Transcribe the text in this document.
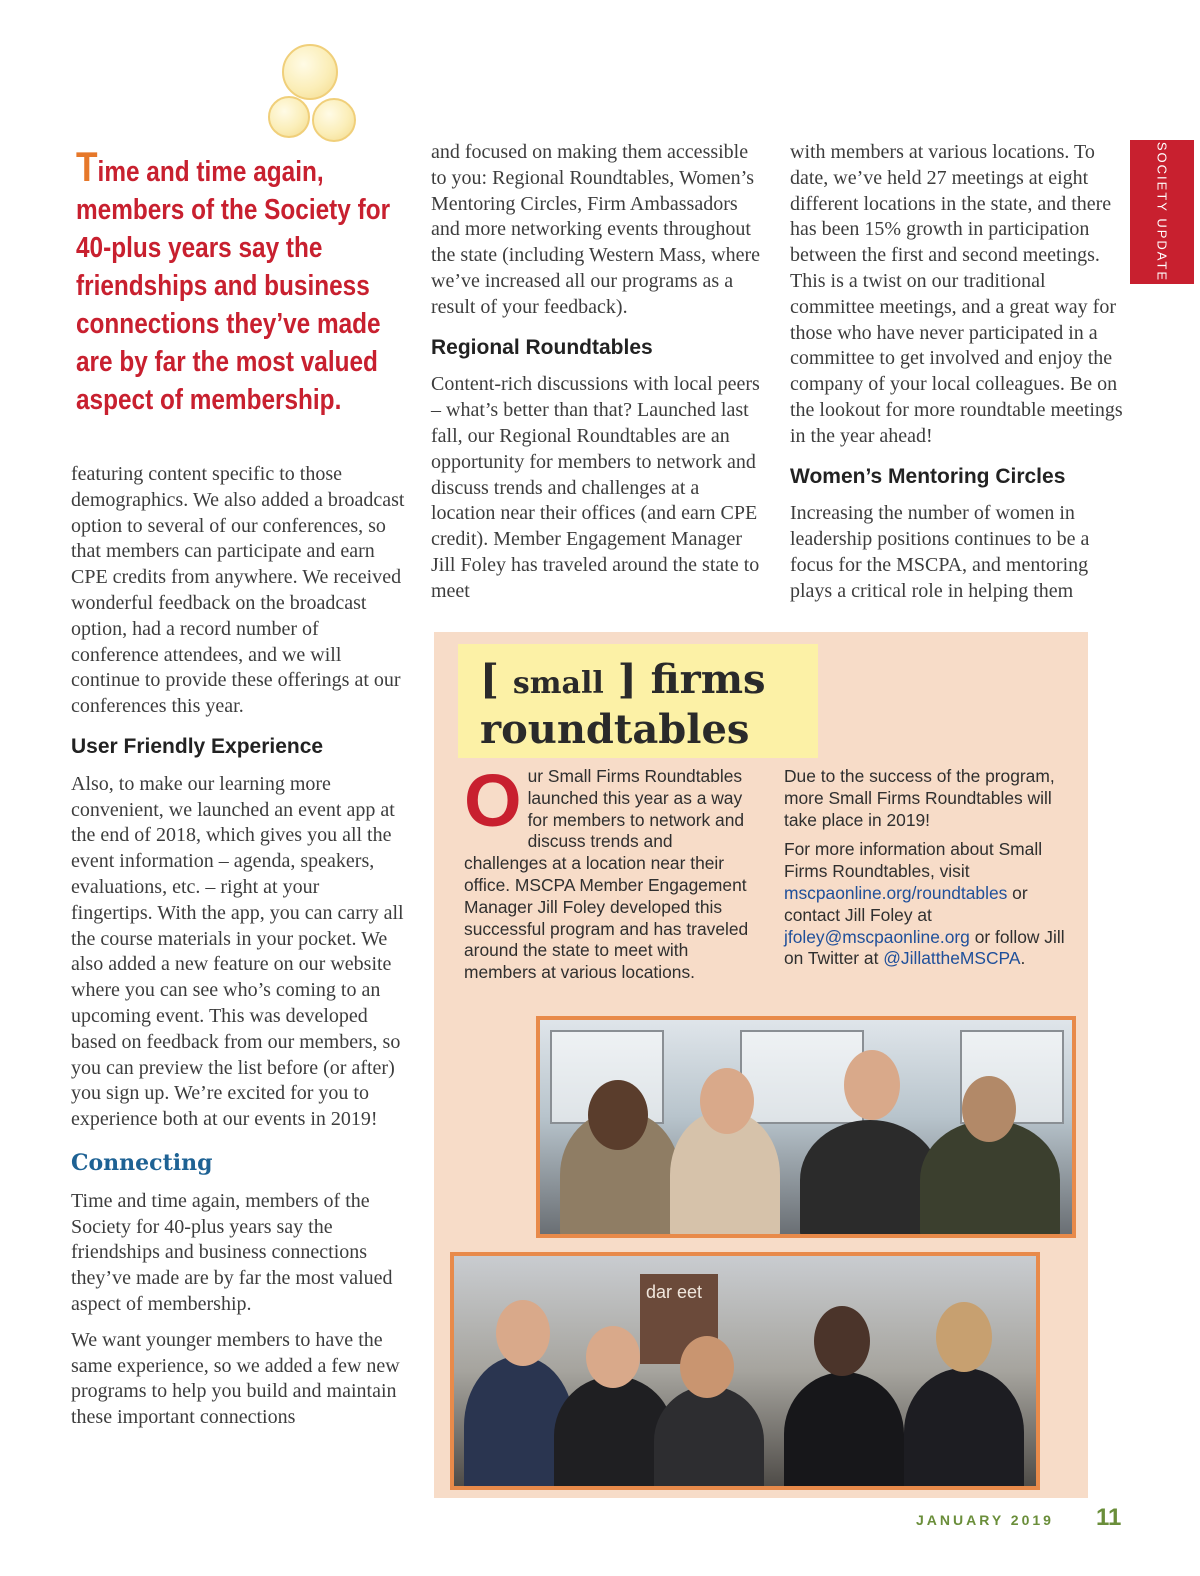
Time and time again, members of the Society for 40-plus years say the friendships and business connections they’ve made are by far the most valued aspect of membership.
SOCIETY UPDATE

featuring content specific to those demographics. We also added a broadcast option to several of our conferences, so that members can participate and earn CPE credits from anywhere. We received wonderful feedback on the broadcast option, had a record number of conference attendees, and we will continue to provide these offerings at our conferences this year.

User Friendly Experience

Also, to make our learning more convenient, we launched an event app at the end of 2018, which gives you all the event information – agenda, speakers, evaluations, etc. – right at your fingertips. With the app, you can carry all the course materials in your pocket. We also added a new feature on our website where you can see who’s coming to an upcoming event. This was developed based on feedback from our members, so you can preview the list before (or after) you sign up. We’re excited for you to experience both at our events in 2019!

Connecting

Time and time again, members of the Society for 40-plus years say the friendships and business connections they’ve made are by far the most valued aspect of membership.

We want younger members to have the same experience, so we added a few new programs to help you build and maintain these important connections

and focused on making them accessible to you: Regional Roundtables, Women’s Mentoring Circles, Firm Ambassadors and more networking events throughout the state (including Western Mass, where we’ve increased all our programs as a result of your feedback).

Regional Roundtables

Content-rich discussions with local peers – what’s better than that? Launched last fall, our Regional Roundtables are an opportunity for members to network and discuss trends and challenges at a location near their offices (and earn CPE credit). Member Engagement Manager Jill Foley has traveled around the state to meet

with members at various locations. To date, we’ve held 27 meetings at eight different locations in the state, and there has been 15% growth in participation between the first and second meetings. This is a twist on our traditional committee meetings, and a great way for those who have never participated in a committee to get involved and enjoy the company of your local colleagues. Be on the lookout for more roundtable meetings in the year ahead!

Women’s Mentoring Circles

Increasing the number of women in leadership positions continues to be a focus for the MSCPA, and mentoring plays a critical role in helping them

[ small ] firms
roundtables
Our Small Firms Roundtables launched this year as a way for members to network and discuss trends and challenges at a location near their office. MSCPA Member Engagement Manager Jill Foley developed this successful program and has traveled around the state to meet with members at various locations.

Due to the success of the program, more Small Firms Roundtables will take place in 2019!

For more information about Small Firms Roundtables, visit mscpaonline.org/roundtables or contact Jill Foley at jfoley@mscpaonline.org or follow Jill on Twitter at @JillattheMSCPA.

dar eet
JANUARY 2019 11
